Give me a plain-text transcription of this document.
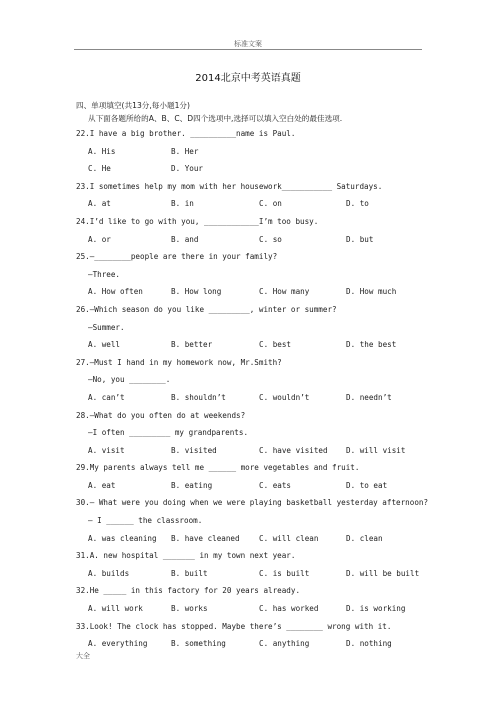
标准文案
2014北京中考英语真题
四、单项填空(共13分,每小题1分)
从下面各题所给的A、B、C、D四个选项中,选择可以填入空白处的最佳选项.
22.I have a big brother. __________name is Paul.
A. His	B. Her
C. He	D. Your
23.I sometimes help my mom with her housework___________ Saturdays.
A. at	B. in	C. on	D. to
24.I’d like to go with you, ____________I’m too busy.
A. or	B. and	C. so	D. but
25.—________people are there in your family?
—Three.
A. How often	B. How long	C. How many	D. How much
26.—Which season do you like _________, winter or summer?
—Summer.
A. well	B. better	C. best	D. the best
27.—Must I hand in my homework now, Mr.Smith?
—No, you ________.
A. can’t	B. shouldn’t	C. wouldn’t	D. needn’t
28.—What do you often do at weekends?
—I often _________ my grandparents.
A. visit	B. visited	C. have visited D. will visit
29.My parents always tell me ______ more vegetables and fruit.
A. eat	B. eating	C. eats	D. to eat
30.— What were you doing when we were playing basketball yesterday afternoon?
— I ______ the classroom.
A. was cleaning B. have cleaned	C. will clean	D. clean
31.A. new hospital _______ in my town next year.
A. builds	B. built	C. is built	D. will be built
32.He _____ in this factory for 20 years already.
A. will work	B. works	C. has worked	D. is working
33.Look! The clock has stopped. Maybe there’s ________ wrong with it.
A. everything	B. something	C. anything	D. nothing
大全
